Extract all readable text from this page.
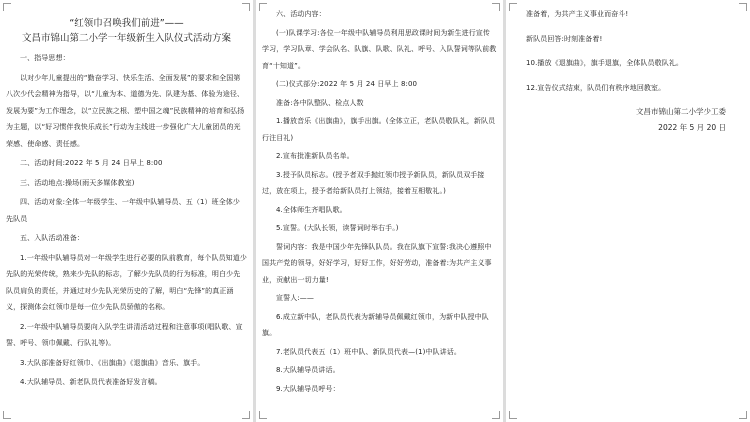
“红领巾召唤我们前进”——
文昌市锦山第二小学一年级新生入队仪式活动方案

一、指导思想：

以对少年儿童提出的“勤奋学习、快乐生活、全面发展”的要求和全国第八次少代会精神为指导，以“儿童为本、道德为先、队建为基、体验为途径、发展为要”为工作理念，以“立民族之根、塑中国之魂”民族精神的培育和弘扬为主题，以“好习惯伴我快乐成长”行动为主线进一步强化广大儿童团员的光荣感、使命感、责任感。

二、活动时间:2022 年 5 月 24 日早上 8:00

三、活动地点:操场(雨天多媒体教室)

四、活动对象:全体一年级学生、一年级中队辅导员、五（1）班全体少先队员

五、入队活动准备：

1.一年级中队辅导员对一年级学生进行必要的队前教育，每个队员知道少先队的光荣传统，熟来少先队的标志，了解少先队员的行为标准，明白少先队员肩负的责任，并通过对少先队光荣历史的了解，明白“先锋”的真正涵义，探测体会红领巾是每一位少先队员骄傲的名称。

2.一年级中队辅导员要向入队学生讲清活动过程和注意事项(唱队歌、宣誓、呼号、领巾佩戴、行队礼等)。

3.大队部准备好红领巾、《出旗曲》《退旗曲》音乐、旗手。

4.大队辅导员、新老队员代表准备好发言稿。

六、活动内容：

(一)队课学习:各位一年级中队辅导员利用思政课时间为新生进行宣传学习，学习队章、学会队名、队旗、队歌、队礼、呼号、入队誓词等队前教育“十知道”。

(二)仪式部分:2022 年 5 月 24 日早上 8:00

准备:各中队整队、检点人数

1.播放音乐《出旗曲》，旗手出旗。(全体立正，老队员敬队礼，新队员行注目礼)

2.宣布批准新队员名单。

3.授予队员标志。(授予者双手抛红领巾授予新队员，新队员双手接过，放在项上，授予者给新队员打上领结，接着互相敬礼。)

4.全体师生齐唱队歌。

5.宣誓。(大队长领，读誓词时举右手。)

誓词内容：我是中国少年先锋队队员。我在队旗下宣誓:我决心遵照中国共产党的领导，好好学习，好好工作，好好劳动，准备着:为共产主义事业，贡献出一切力量!

宣誓人:——

6.成立新中队，老队员代表为新辅导员佩戴红领巾，为新中队授中队旗。

7.老队员代表五（1）班中队、新队员代表—(1)中队讲话。

8.大队辅导员讲话。

9.大队辅导员呼号：

准备着，为共产主义事业而奋斗!

新队员回答:时刻准备着!

10.播放《退旗曲》，旗手退旗，全体队员敬队礼。

12.宣告仪式结束，队员们有秩序地回教室。

文昌市锦山第二小学少工委

2022 年 5 月 20 日
